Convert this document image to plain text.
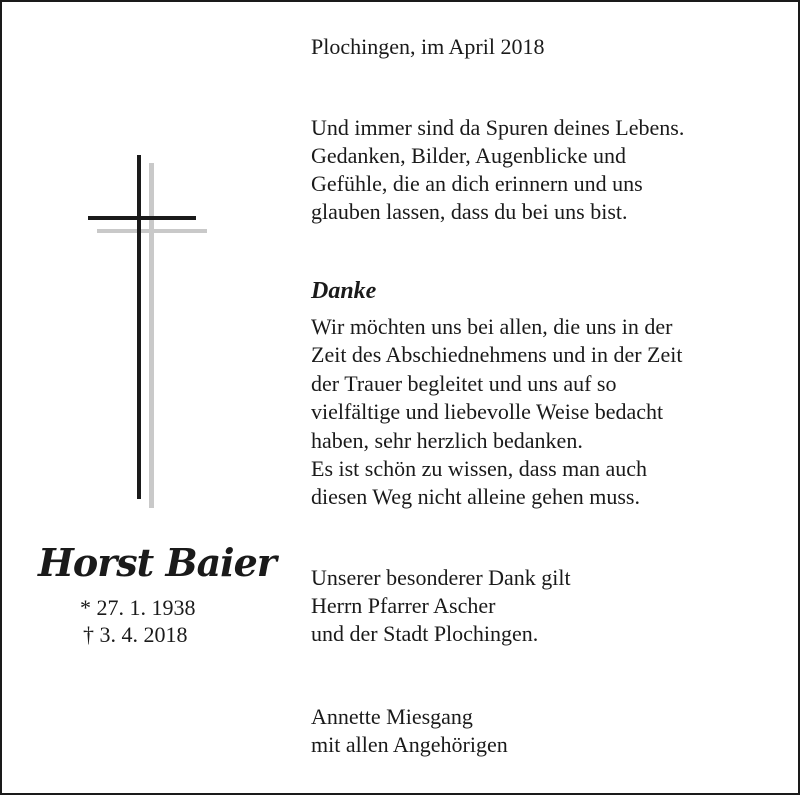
Horst Baier
* 27. 1. 1938
† 3. 4. 2018
Plochingen, im April 2018
Und immer sind da Spuren deines Lebens.
Gedanken, Bilder, Augenblicke und
Gefühle, die an dich erinnern und uns
glauben lassen, dass du bei uns bist.
Danke
Wir möchten uns bei allen, die uns in der
Zeit des Abschiednehmens und in der Zeit
der Trauer begleitet und uns auf so
vielfältige und liebevolle Weise bedacht
haben, sehr herzlich bedanken.
Es ist schön zu wissen, dass man auch
diesen Weg nicht alleine gehen muss.
Unserer besonderer Dank gilt
Herrn Pfarrer Ascher
und der Stadt Plochingen.
Annette Miesgang
mit allen Angehörigen
